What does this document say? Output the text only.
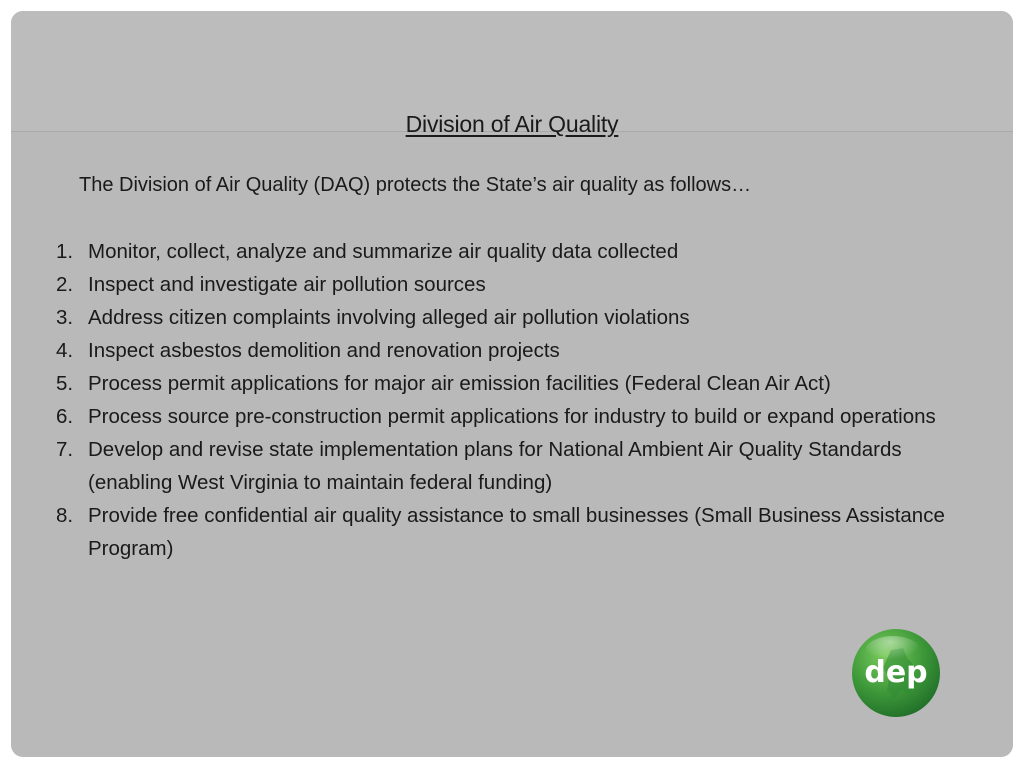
Division of Air Quality
The Division of Air Quality (DAQ) protects the State’s air quality as follows…
1. Monitor, collect, analyze and summarize air quality data collected
2. Inspect and investigate air pollution sources
3. Address citizen complaints involving alleged air pollution violations
4. Inspect asbestos demolition and renovation projects
5. Process permit applications for major air emission facilities (Federal Clean Air Act)
6. Process source pre-construction permit applications for industry to build or expand operations
7. Develop and revise state implementation plans for National Ambient Air Quality Standards (enabling West Virginia to maintain federal funding)
8. Provide free confidential air quality assistance to small businesses (Small Business Assistance Program)
dep
